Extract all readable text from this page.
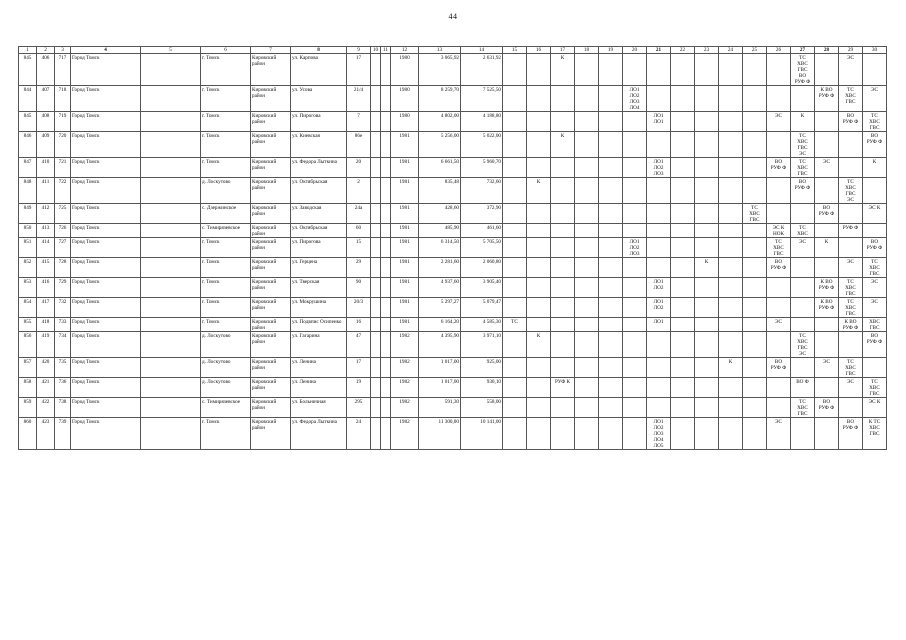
44
1	2	3	4	5	6	7	8	9	10	11	12	13	14	15	16	17	18	19	20	21	22	23	24	25	26	27	28	29	30

845	406	717	Город Томск		г. Томск	Кировский район	ул. Карпова	17			1980	3 065,92	2 631,92			К										ТС
ХВС
ГВС
ВО
РУФ Ф		ЭС	

844	407	718	Город Томск		г. Томск	Кировский район	ул. Усова	21/4			1980	8 259,70	7 525,50						ЛО1
ЛО2
ЛО3
ЛО4								К ВО
РУФ Ф	ТС
ХВС
ГВС	ЭС

845	408	719	Город Томск		г. Томск	Кировский район	ул. Пирогова	7			1980	4 802,00	4 188,80							ЛО1
ЛО1					ЭС	К		ВО
РУФ Ф	ТС
ХВС
ГВС

846	409	720	Город Томск		г. Томск	Кировский район	ул. Киевская	86е			1981	5 256,00	5 022,00			К										ТС
ХВС
ГВС
ЭС			ВО
РУФ Ф

847	410	721	Город Томск		г. Томск	Кировский район	ул. Федора Лыткина	20			1981	6 661,50	5 960,70							ЛО1
ЛО2
ЛО3					ВО
РУФ Ф	ТС
ХВС
ГВС	ЭС		К

848	411	722	Город Томск		д. Лоскутово	Кировский район	ул. Октябрьская	2			1981	835,48	732,60		К											ВО
РУФ Ф		ТС
ХВС
ГВС
ЭС	

849	412	725	Город Томск		с. Дзержинское	Кировский район	ул. Заводская	24а			1981	428,60	372,90											ТС
ХВС
ГВС			ВО
РУФ Ф		ЭС К

850	413	726	Город Томск		с. Тимирязевское	Кировский район	ул. Октябрьская	60			1981	485,90	461,60												ЭС К
НОК	ТС
ХВС		РУФ Ф	

851	414	727	Город Томск		г. Томск	Кировский район	ул. Пирогова	15			1981	6 314,50	5 705,50						ЛО1
ЛО2
ЛО3						ТС
ХВС
ГВС	ЭС	К		ВО
РУФ Ф

852	415	728	Город Томск		г. Томск	Кировский район	ул. Герцена	29			1981	2 281,60	2 060,80									К			ВО
РУФ Ф			ЭС	ТС
ХВС
ГВС

853	416	729	Город Томск		г. Томск	Кировский район	ул. Тверская	90			1981	4 937,60	3 905,40							ЛО1
ЛО2							К ВО
РУФ Ф	ТС
ХВС
ГВС	ЭС

854	417	732	Город Томск		г. Томск	Кировский район	ул. Мокрушина	20/3			1981	5 297,27	5 079,47							ЛО1
ЛО2							К ВО
РУФ Ф	ТС
ХВС
ГВС	ЭС

855	418	733	Город Томск		г. Томск	Кировский район	ул. Подвпис Осипенко	16			1981	6 164,20	4 585,30	ТС						ЛО1					ЭС			К ВО
РУФ Ф	ХВС
ГВС

856	419	734	Город Томск		д. Лоскутово	Кировский район	ул. Гагарина	47			1982	4 395,90	3 971,10		К											ТС
ХВС
ГВС
ЭС			ВО
РУФ Ф

857	420	735	Город Томск		д. Лоскутово	Кировский район	ул. Ленина	17			1982	1 017,00	925,00										К		ВО
РУФ Ф		ЭС	ТС
ХВС
ГВС	

858	421	736	Город Томск		д. Лоскутово	Кировский район	ул. Ленина	19			1982	1 017,00	930,10			РУФ К										ВО Ф		ЭС	ТС
ХВС
ГВС

859	422	738	Город Томск		с. Тимирязевское	Кировский район	ул. Больничная	295			1982	591,30	558,00													ТС
ХВС
ГВС	ВО
РУФ Ф		ЭС К

860	423	739	Город Томск		г. Томск	Кировский район	ул. Федора Лыткина	24			1982	11 300,00	10 141,00							ЛО1
ЛО2
ЛО3
ЛО4
ЛО5					ЭС			ВО
РУФ Ф	К ТС
ХВС
ГВС
